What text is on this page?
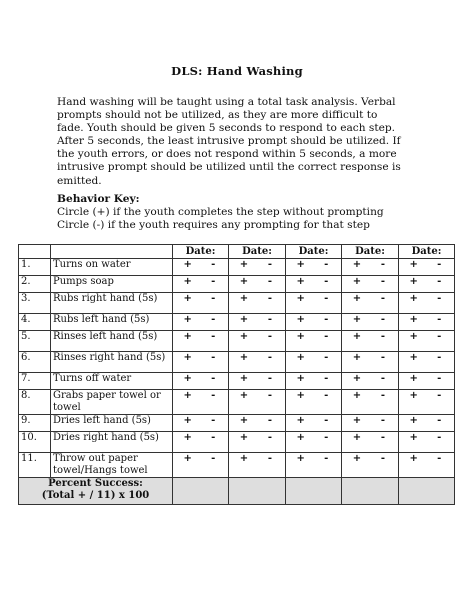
DLS: Hand Washing
Hand washing will be taught using a total task analysis. Verbal prompts should not be utilized, as they are more difficult to fade. Youth should be given 5 seconds to respond to each step. After 5 seconds, the least intrusive prompt should be utilized. If the youth errors, or does not respond within 5 seconds, a more intrusive prompt should be utilized until the correct response is emitted.
Behavior Key:
Circle (+) if the youth completes the step without prompting
Circle (-) if the youth requires any prompting for that step
		Date:	Date:	Date:	Date:	Date:
1.	Turns on water	+ -	+ -	+ -	+ -	+ -
2.	Pumps soap	+ -	+ -	+ -	+ -	+ -
3.	Rubs right hand (5s)	+ -	+ -	+ -	+ -	+ -
4.	Rubs left hand (5s)	+ -	+ -	+ -	+ -	+ -
5.	Rinses left hand (5s)	+ -	+ -	+ -	+ -	+ -
6.	Rinses right hand (5s)	+ -	+ -	+ -	+ -	+ -
7.	Turns off water	+ -	+ -	+ -	+ -	+ -
8.	Grabs paper towel or towel	+ -	+ -	+ -	+ -	+ -
9.	Dries left hand (5s)	+ -	+ -	+ -	+ -	+ -
10.	Dries right hand (5s)	+ -	+ -	+ -	+ -	+ -
11.	Throw out paper towel/Hangs towel	+ -	+ -	+ -	+ -	+ -

Percent Success:
(Total + / 11) x 100						
